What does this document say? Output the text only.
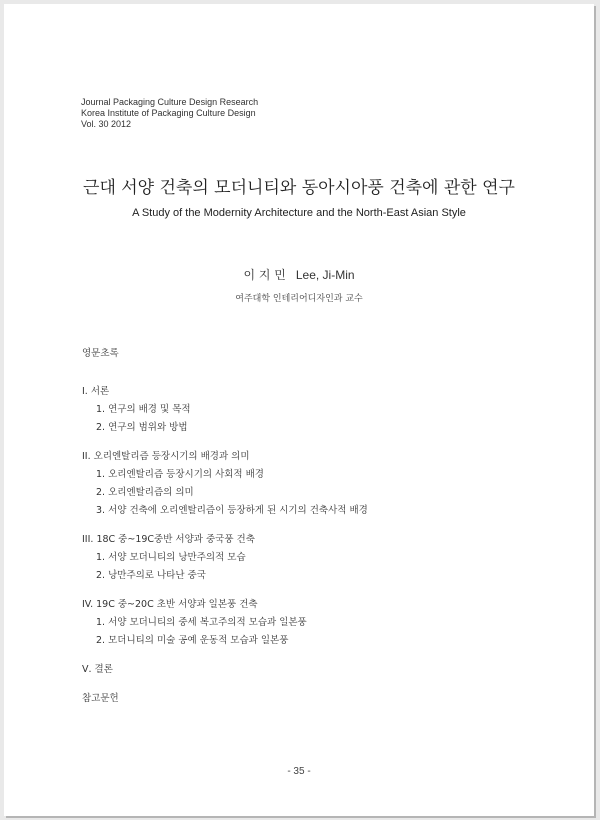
Journal Packaging Culture Design Research
Korea Institute of Packaging Culture Design
Vol. 30 2012
근대 서양 건축의 모더니티와 동아시아풍 건축에 관한 연구
A Study of the Modernity Architecture and the North-East Asian Style
이 지 민 Lee, Ji-Min
여주대학 인테리어디자인과 교수
영문초록
Ⅰ. 서론
1. 연구의 배경 및 목적
2. 연구의 범위와 방법
II. 오리엔탈리즘 등장시기의 배경과 의미
1. 오리엔탈리즘 등장시기의 사회적 배경
2. 오리엔탈리즘의 의미
3. 서양 건축에 오리엔탈리즘이 등장하게 된 시기의 건축사적 배경
III. 18C 중~19C중반 서양과 중국풍 건축
1. 서양 모더니티의 낭만주의적 모습
2. 낭만주의로 나타난 중국
IV. 19C 중~20C 초반 서양과 일본풍 건축
1. 서양 모더니티의 중세 복고주의적 모습과 일본풍
2. 모더니티의 미술 공예 운동적 모습과 일본풍
Ⅴ. 결론
참고문헌
- 35 -
